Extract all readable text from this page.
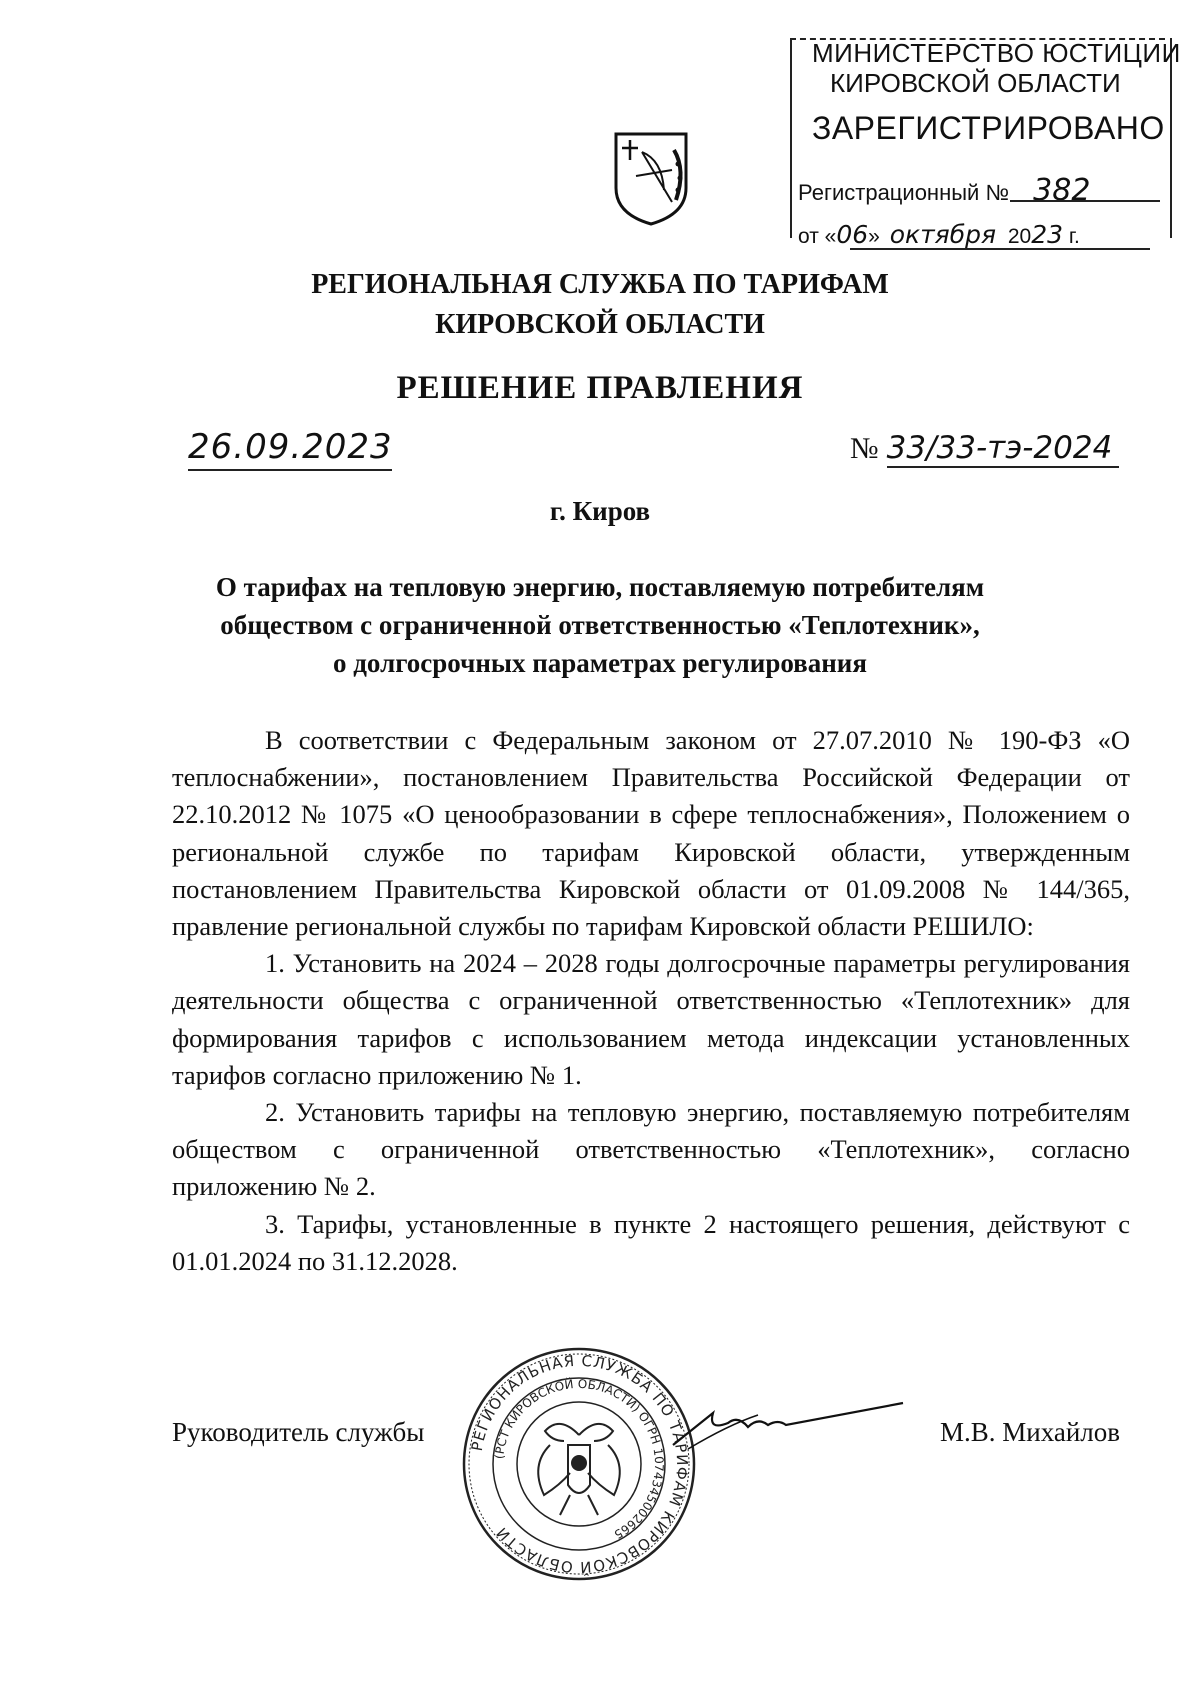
МИНИСТЕРСТВО ЮСТИЦИИ
КИРОВСКОЙ ОБЛАСТИ
ЗАРЕГИСТРИРОВАНО
Регистрационный № 382
от «06» октября 2023 г.
РЕГИОНАЛЬНАЯ СЛУЖБА ПО ТАРИФАМ
КИРОВСКОЙ ОБЛАСТИ
РЕШЕНИЕ ПРАВЛЕНИЯ
26.09.2023	№ 33/33-тэ-2024
г. Киров
О тарифах на тепловую энергию, поставляемую потребителям
обществом с ограниченной ответственностью «Теплотехник»,
о долгосрочных параметрах регулирования

В соответствии с Федеральным законом от 27.07.2010 № 190-ФЗ «О теплоснабжении», постановлением Правительства Российской Федерации от 22.10.2012 № 1075 «О ценообразовании в сфере теплоснабжения», Положением о региональной службе по тарифам Кировской области, утвержденным постановлением Правительства Кировской области от 01.09.2008 № 144/365, правление региональной службы по тарифам Кировской области РЕШИЛО:

1. Установить на 2024 – 2028 годы долгосрочные параметры регулирования деятельности общества с ограниченной ответственностью «Теплотехник» для формирования тарифов с использованием метода индексации установленных тарифов согласно приложению № 1.

2. Установить тарифы на тепловую энергию, поставляемую потребителям обществом с ограниченной ответственностью «Теплотехник», согласно приложению № 2.

3. Тарифы, установленные в пункте 2 настоящего решения, действуют с 01.01.2024 по 31.12.2028.

Руководитель службы	М.В. Михайлов
РЕГИОНАЛЬНАЯ СЛУЖБА ПО ТАРИФАМ КИРОВСКОЙ ОБЛАСТИ
(РСТ КИРОВСКОЙ ОБЛАСТИ) ОГРН 1074345002665
